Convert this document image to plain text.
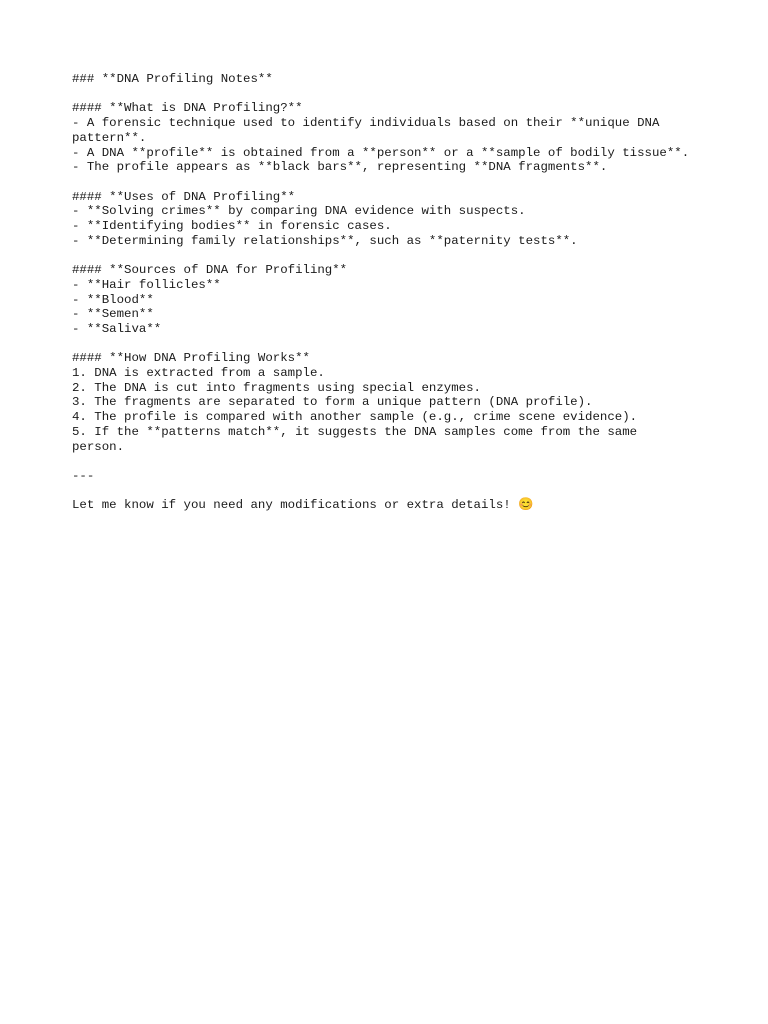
### **DNA Profiling Notes**
#### **What is DNA Profiling?**
- A forensic technique used to identify individuals based on their **unique DNA
pattern**.
- A DNA **profile** is obtained from a **person** or a **sample of bodily tissue**.
- The profile appears as **black bars**, representing **DNA fragments**.
#### **Uses of DNA Profiling**
- **Solving crimes** by comparing DNA evidence with suspects.
- **Identifying bodies** in forensic cases.
- **Determining family relationships**, such as **paternity tests**.
#### **Sources of DNA for Profiling**
- **Hair follicles**
- **Blood**
- **Semen**
- **Saliva**
#### **How DNA Profiling Works**
1. DNA is extracted from a sample.
2. The DNA is cut into fragments using special enzymes.
3. The fragments are separated to form a unique pattern (DNA profile).
4. The profile is compared with another sample (e.g., crime scene evidence).
5. If the **patterns match**, it suggests the DNA samples come from the same
person.
---
Let me know if you need any modifications or extra details! 😊
